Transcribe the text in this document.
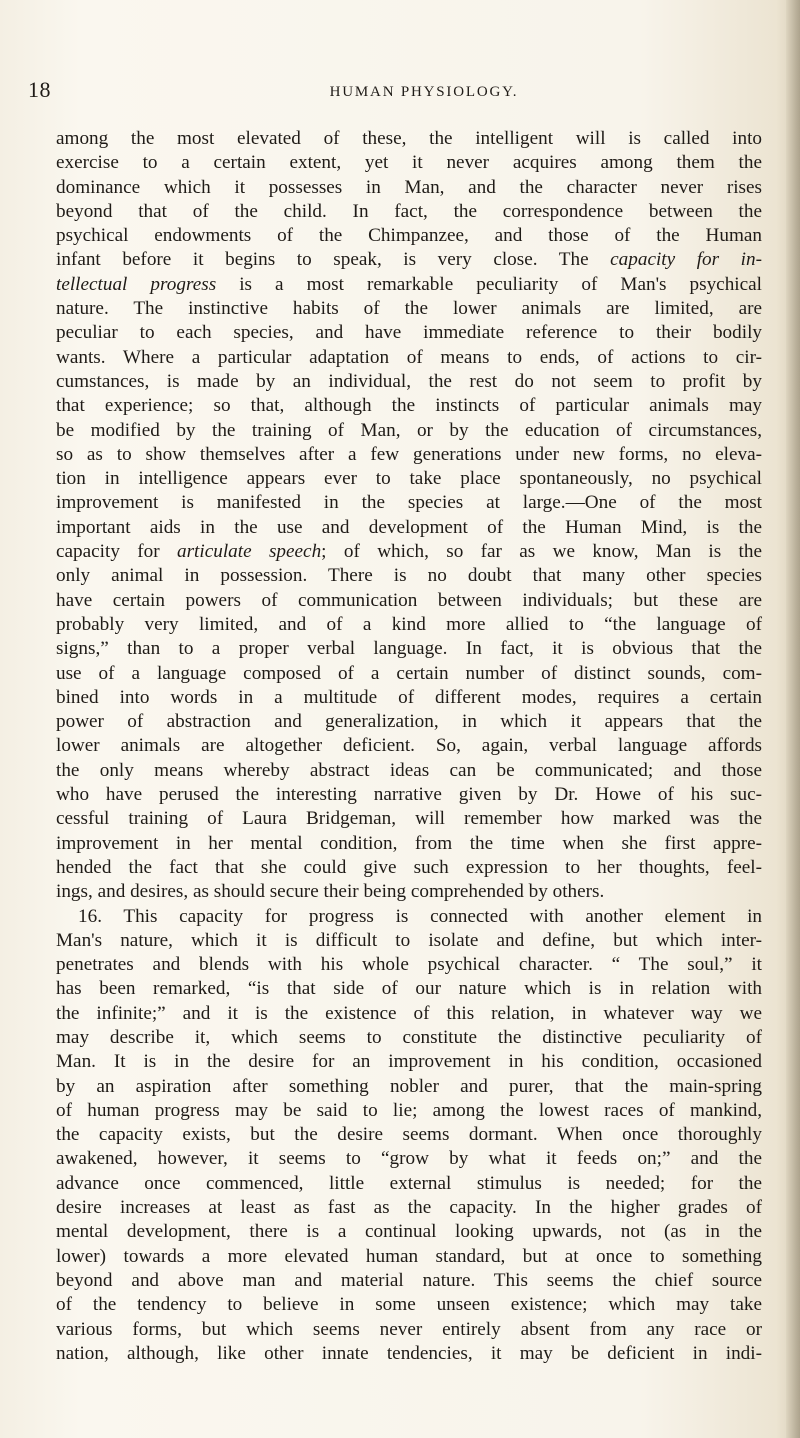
18	HUMAN PHYSIOLOGY.
among the most elevated of these, the intelligent will is called into
exercise to a certain extent, yet it never acquires among them the
dominance which it possesses in Man, and the character never rises
beyond that of the child. In fact, the correspondence between the
psychical endowments of the Chimpanzee, and those of the Human
infant before it begins to speak, is very close. The capacity for in-
tellectual progress is a most remarkable peculiarity of Man's psychical
nature. The instinctive habits of the lower animals are limited, are
peculiar to each species, and have immediate reference to their bodily
wants. Where a particular adaptation of means to ends, of actions to cir-
cumstances, is made by an individual, the rest do not seem to profit by
that experience; so that, although the instincts of particular animals may
be modified by the training of Man, or by the education of circumstances,
so as to show themselves after a few generations under new forms, no eleva-
tion in intelligence appears ever to take place spontaneously, no psychical
improvement is manifested in the species at large.—One of the most
important aids in the use and development of the Human Mind, is the
capacity for articulate speech; of which, so far as we know, Man is the
only animal in possession. There is no doubt that many other species
have certain powers of communication between individuals; but these are
probably very limited, and of a kind more allied to “the language of
signs,” than to a proper verbal language. In fact, it is obvious that the
use of a language composed of a certain number of distinct sounds, com-
bined into words in a multitude of different modes, requires a certain
power of abstraction and generalization, in which it appears that the
lower animals are altogether deficient. So, again, verbal language affords
the only means whereby abstract ideas can be communicated; and those
who have perused the interesting narrative given by Dr. Howe of his suc-
cessful training of Laura Bridgeman, will remember how marked was the
improvement in her mental condition, from the time when she first appre-
hended the fact that she could give such expression to her thoughts, feel-
ings, and desires, as should secure their being comprehended by others.
16. This capacity for progress is connected with another element in
Man's nature, which it is difficult to isolate and define, but which inter-
penetrates and blends with his whole psychical character. “ The soul,” it
has been remarked, “is that side of our nature which is in relation with
the infinite;” and it is the existence of this relation, in whatever way we
may describe it, which seems to constitute the distinctive peculiarity of
Man. It is in the desire for an improvement in his condition, occasioned
by an aspiration after something nobler and purer, that the main-spring
of human progress may be said to lie; among the lowest races of mankind,
the capacity exists, but the desire seems dormant. When once thoroughly
awakened, however, it seems to “grow by what it feeds on;” and the
advance once commenced, little external stimulus is needed; for the
desire increases at least as fast as the capacity. In the higher grades of
mental development, there is a continual looking upwards, not (as in the
lower) towards a more elevated human standard, but at once to something
beyond and above man and material nature. This seems the chief source
of the tendency to believe in some unseen existence; which may take
various forms, but which seems never entirely absent from any race or
nation, although, like other innate tendencies, it may be deficient in indi-
